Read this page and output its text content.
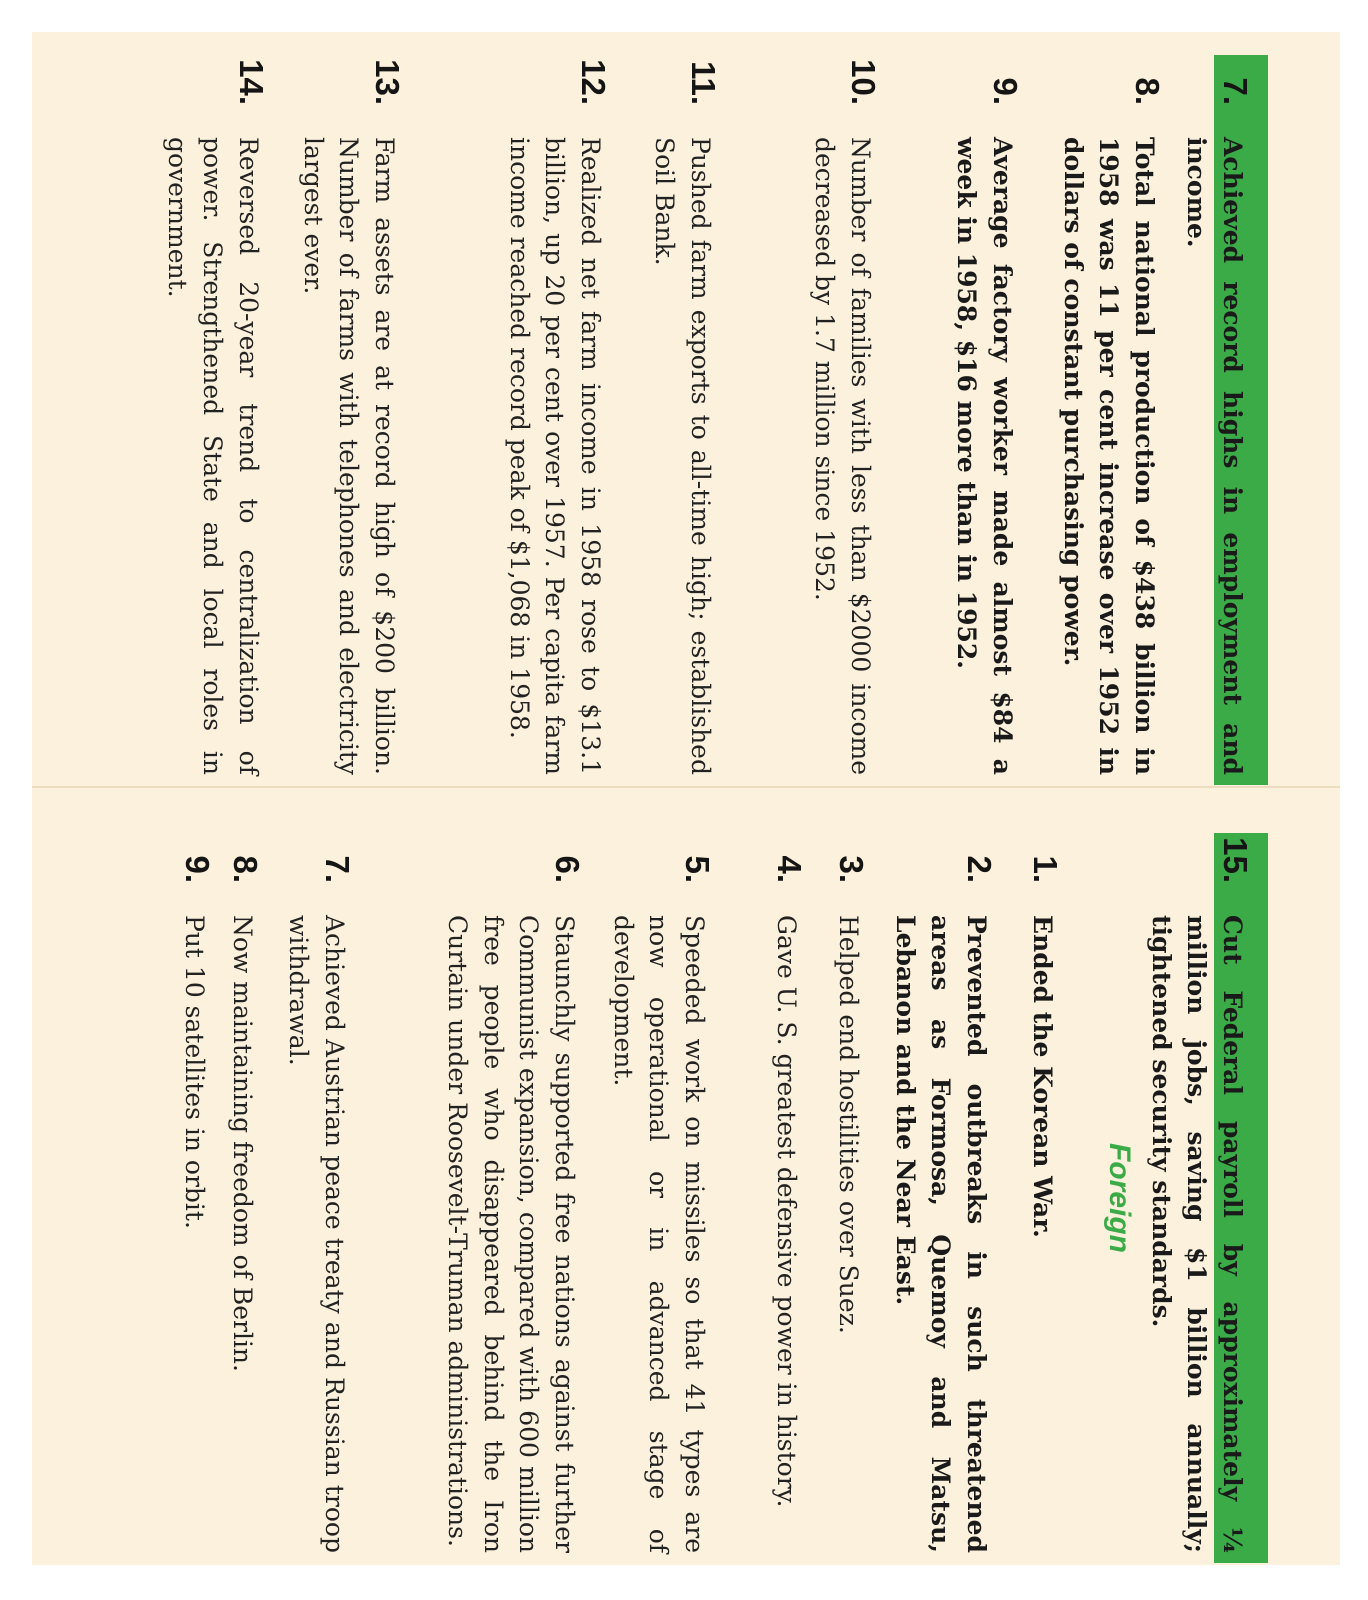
7.
Achieved record highs in employment and income.
8.
Total national production of $438 billion in 1958 was 11 per cent increase over 1952 in dollars of constant purchasing power.
9.
Average factory worker made almost $84 a week in 1958, $16 more than in 1952.
10.
Number of families with less than $2000 income decreased by 1.7 million since 1952.
11.
Pushed farm exports to all-time high; established Soil Bank.
12.
Realized net farm income in 1958 rose to $13.1 billion, up 20 per cent over 1957. Per capita farm income reached record peak of $1,068 in 1958.
13.
Farm assets are at record high of $200 billion. Number of farms with telephones and electricity largest ever.
14.
Reversed 20-year trend to centralization of power. Strengthened State and local roles in government.
15.
Cut Federal payroll by approximately ¼ million jobs, saving $1 billion annually; tightened security standards.
Foreign
1.
Ended the Korean War.
2.
Prevented outbreaks in such threatened areas as Formosa, Quemoy and Matsu, Lebanon and the Near East.
3.
Helped end hostilities over Suez.
4.
Gave U. S. greatest defensive power in history.
5.
Speeded work on missiles so that 41 types are now operational or in advanced stage of development.
6.
Staunchly supported free nations against further Communist expansion, compared with 600 million free people who disappeared behind the Iron Curtain under Roosevelt-Truman administrations.
7.
Achieved Austrian peace treaty and Russian troop withdrawal.
8.
Now maintaining freedom of Berlin.
9.
Put 10 satellites in orbit.
